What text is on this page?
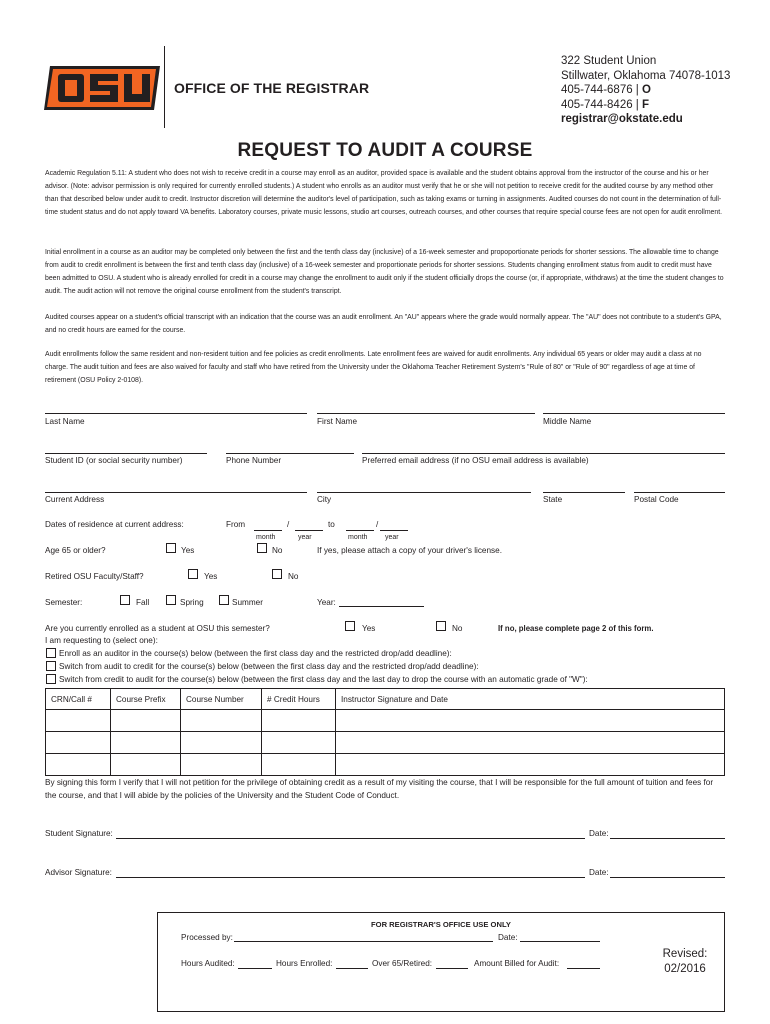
OFFICE OF THE REGISTRAR
322 Student Union
Stillwater, Oklahoma 74078-1013
405-744-6876 | O
405-744-8426 | F
registrar@okstate.edu
REQUEST TO AUDIT A COURSE
Academic Regulation 5.11: A student who does not wish to receive credit in a course may enroll as an auditor, provided space is available and the student obtains approval from the instructor of the course and his or her advisor. (Note: advisor permission is only required for currently enrolled students.) A student who enrolls as an auditor must verify that he or she will not petition to receive credit for the audited course by any method other than that described below under audit to credit. Instructor discretion will determine the auditor's level of participation, such as taking exams or turning in assignments. Audited courses do not count in the determination of full-time student status and do not apply toward VA benefits. Laboratory courses, private music lessons, studio art courses, outreach courses, and other courses that require special course fees are not open for audit enrollment.
Initial enrollment in a course as an auditor may be completed only between the first and the tenth class day (inclusive) of a 16-week semester and propoportionate periods for shorter sessions. The allowable time to change from audit to credit enrollment is between the first and tenth class day (inclusive) of a 16-week semester and proportionate periods for shorter sessions. Students changing enrollment status from audit to credit must have been admitted to OSU. A student who is already enrolled for credit in a course may change the enrollment to audit only if the student officially drops the course (or, if appropriate, withdraws) at the time the student changes to audit. The audit action will not remove the original course enrollment from the student's transcript.
Audited courses appear on a student's official transcript with an indication that the course was an audit enrollment. An "AU" appears where the grade would normally appear. The "AU" does not contribute to a student's GPA, and no credit hours are earned for the course.
Audit enrollments follow the same resident and non-resident tuition and fee policies as credit enrollments. Late enrollment fees are waived for audit enrollments. Any individual 65 years or older may audit a class at no charge. The audit tuition and fees are also waived for faculty and staff who have retired from the University under the Oklahoma Teacher Retirement System's "Rule of 80" or "Rule of 90" regardless of age at time of retirement (OSU Policy 2-0108).
Last Name	First Name	Middle Name
Student ID (or social security number)	Phone Number	Preferred email address (if no OSU email address is available)
Current Address	City	State	Postal Code
Dates of residence at current address:	From	/	to	/
month	year	month	year
Age 65 or older?	Yes	No	If yes, please attach a copy of your driver's license.
Retired OSU Faculty/Staff?	Yes	No
Semester:	Fall	Spring	Summer	Year:
Are you currently enrolled as a student at OSU this semester?	Yes	No	If no, please complete page 2 of this form.
I am requesting to (select one):
Enroll as an auditor in the course(s) below (between the first class day and the restricted drop/add deadline):
Switch from audit to credit for the course(s) below (between the first class day and the restricted drop/add deadline):
Switch from credit to audit for the course(s) below (between the first class day and the last day to drop the course with an automatic grade of "W"):
CRN/Call #	Course Prefix	Course Number	# Credit Hours	Instructor Signature and Date

By signing this form I verify that I will not petition for the privilege of obtaining credit as a result of my visiting the course, that I will be responsible for the full amount of tuition and fees for the course, and that I will abide by the policies of the University and the Student Code of Conduct.
Student Signature:	Date:
Advisor Signature:	Date:
FOR REGISTRAR'S OFFICE USE ONLY
Processed by:	Date:
Hours Audited:	Hours Enrolled:	Over 65/Retired:	Amount Billed for Audit:
Revised:
02/2016
